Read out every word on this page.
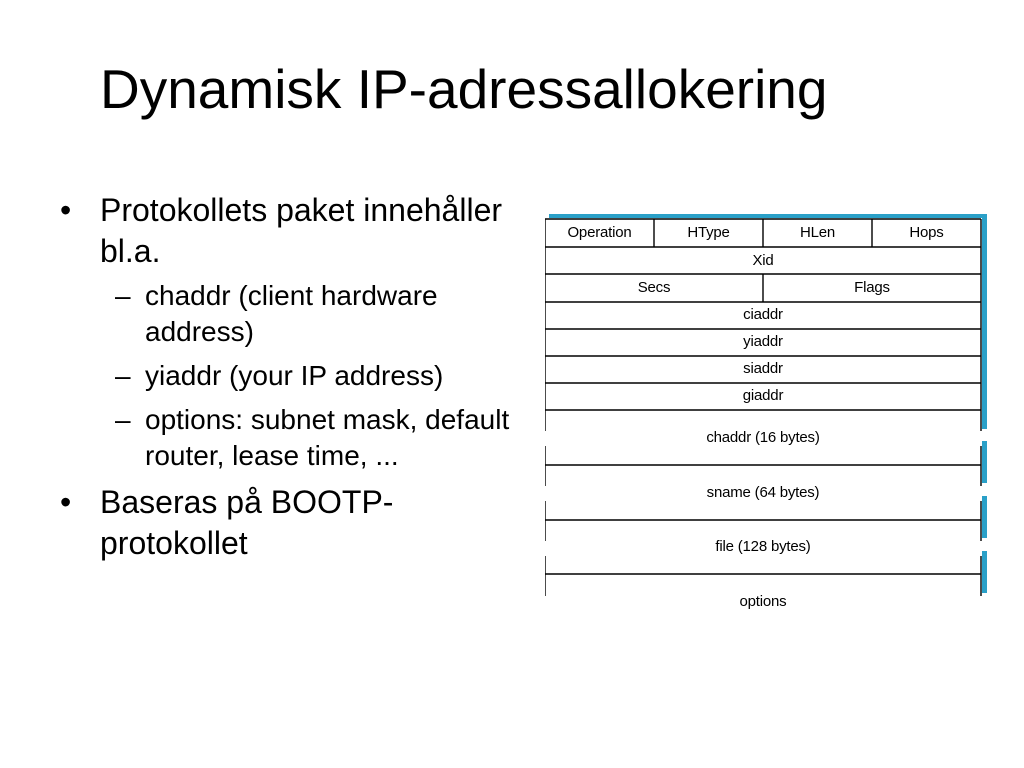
Dynamisk IP-adressallokering
• Protokollets paket innehåller bl.a.
– chaddr (client hardware address)
– yiaddr (your IP address)
– options: subnet mask, default router, lease time, ...
• Baseras på BOOTP-protokollet
Operation	HType	HLen	Hops
Xid
Secs	Flags
ciaddr
yiaddr
siaddr
giaddr
chaddr (16 bytes)
sname (64 bytes)
file (128 bytes)
options
